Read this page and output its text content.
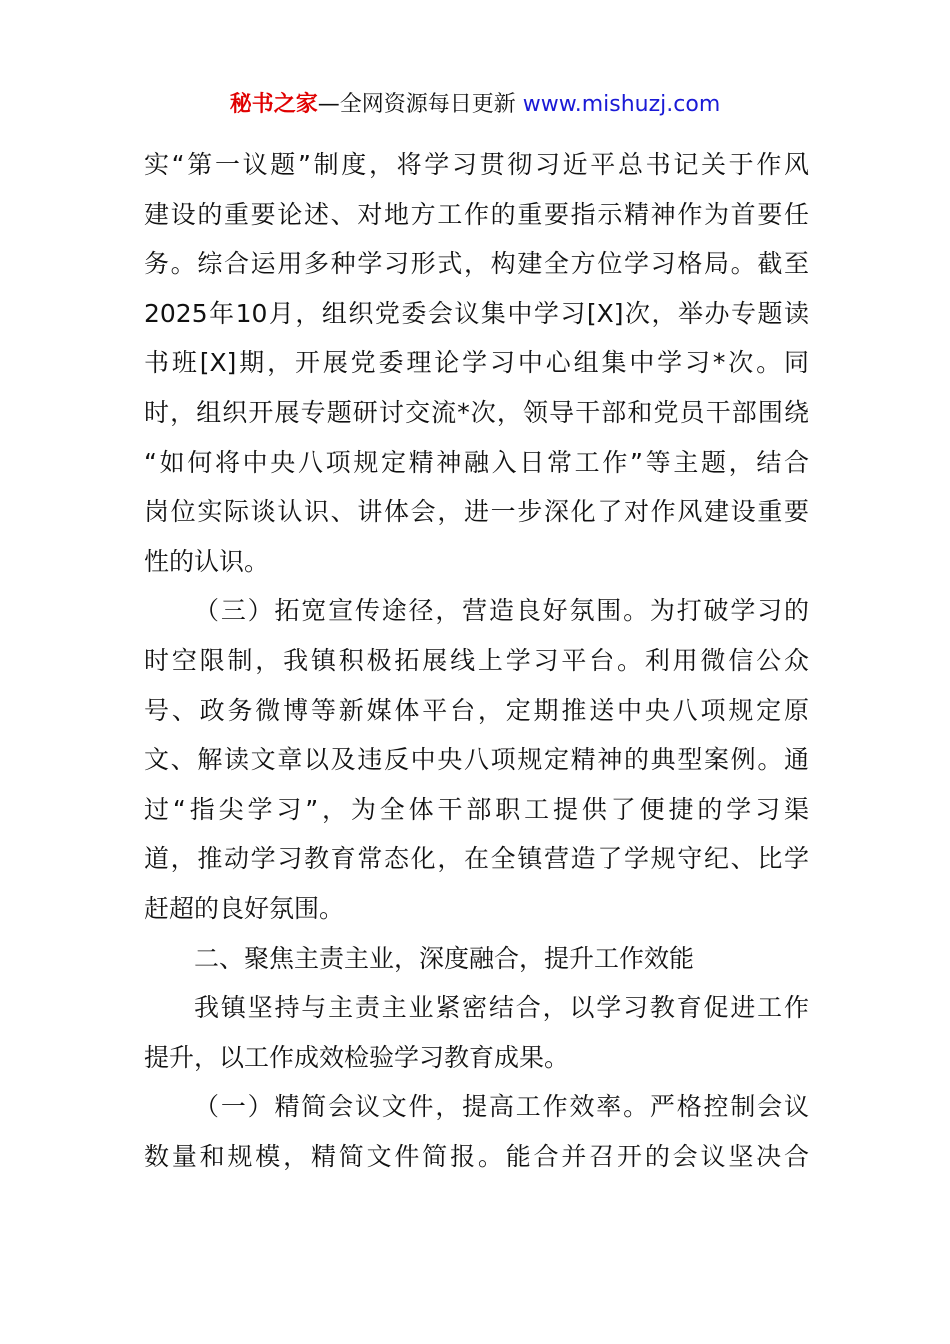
秘书之家—全网资源每日更新 www.mishuzj.com
实“第一议题”制度，将学习贯彻习近平总书记关于作风
建设的重要论述、对地方工作的重要指示精神作为首要任
务。综合运用多种学习形式，构建全方位学习格局。截至
2025年10月，组织党委会议集中学习[X]次，举办专题读
书班[X]期，开展党委理论学习中心组集中学习*次。同
时，组织开展专题研讨交流*次，领导干部和党员干部围绕
“如何将中央八项规定精神融入日常工作”等主题，结合
岗位实际谈认识、讲体会，进一步深化了对作风建设重要
性的认识。
（三）拓宽宣传途径，营造良好氛围。为打破学习的
时空限制，我镇积极拓展线上学习平台。利用微信公众
号、政务微博等新媒体平台，定期推送中央八项规定原
文、解读文章以及违反中央八项规定精神的典型案例。通
过“指尖学习”，为全体干部职工提供了便捷的学习渠
道，推动学习教育常态化，在全镇营造了学规守纪、比学
赶超的良好氛围。
二、聚焦主责主业，深度融合，提升工作效能
我镇坚持与主责主业紧密结合，以学习教育促进工作
提升，以工作成效检验学习教育成果。
（一）精简会议文件，提高工作效率。严格控制会议
数量和规模，精简文件简报。能合并召开的会议坚决合
